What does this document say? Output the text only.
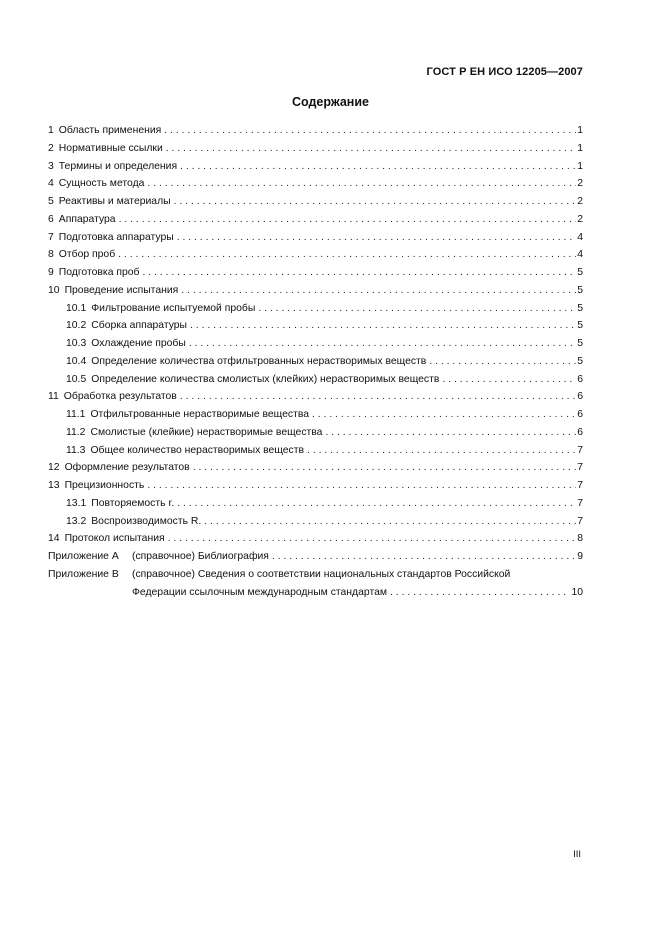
ГОСТ Р ЕН ИСО 12205—2007
Содержание
1 Область применения . . .	1
2 Нормативные ссылки . . .	1
3 Термины и определения . . .	1
4 Сущность метода . . .	2
5 Реактивы и материалы . . .	2
6 Аппаратура . . .	2
7 Подготовка аппаратуры . . .	4
8 Отбор проб . . .	4
9 Подготовка проб . . .	5
10 Проведение испытания . . .	5
10.1 Фильтрование испытуемой пробы . . .	5
10.2 Сборка аппаратуры . . .	5
10.3 Охлаждение пробы . . .	5
10.4 Определение количества отфильтрованных нерастворимых веществ . . .	5
10.5 Определение количества смолистых (клейких) нерастворимых веществ . . .	6
11 Обработка результатов . . .	6
11.1 Отфильтрованные нерастворимые вещества . . .	6
11.2 Смолистые (клейкие) нерастворимые вещества . . .	6
11.3 Общее количество нерастворимых веществ . . .	7
12 Оформление результатов . . .	7
13 Прецизионность . . .	7
13.1 Повторяемость r. . . .	7
13.2 Воспроизводимость R. . . .	7
14 Протокол испытания . . .	8
Приложение А	(справочное) Библиография . . .	9
Приложение В	(справочное) Сведения о соответствии национальных стандартов Российской
Федерации ссылочным международным стандартам . . .	10
III
